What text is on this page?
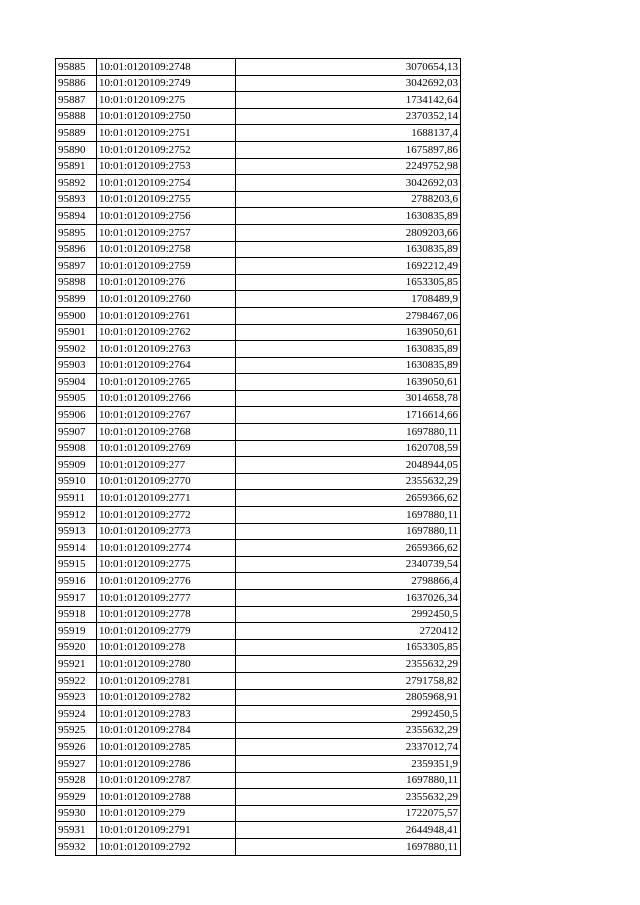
95885	10:01:0120109:2748	3070654,13
95886	10:01:0120109:2749	3042692,03
95887	10:01:0120109:275	1734142,64
95888	10:01:0120109:2750	2370352,14
95889	10:01:0120109:2751	1688137,4
95890	10:01:0120109:2752	1675897,86
95891	10:01:0120109:2753	2249752,98
95892	10:01:0120109:2754	3042692,03
95893	10:01:0120109:2755	2788203,6
95894	10:01:0120109:2756	1630835,89
95895	10:01:0120109:2757	2809203,66
95896	10:01:0120109:2758	1630835,89
95897	10:01:0120109:2759	1692212,49
95898	10:01:0120109:276	1653305,85
95899	10:01:0120109:2760	1708489,9
95900	10:01:0120109:2761	2798467,06
95901	10:01:0120109:2762	1639050,61
95902	10:01:0120109:2763	1630835,89
95903	10:01:0120109:2764	1630835,89
95904	10:01:0120109:2765	1639050,61
95905	10:01:0120109:2766	3014658,78
95906	10:01:0120109:2767	1716614,66
95907	10:01:0120109:2768	1697880,11
95908	10:01:0120109:2769	1620708,59
95909	10:01:0120109:277	2048944,05
95910	10:01:0120109:2770	2355632,29
95911	10:01:0120109:2771	2659366,62
95912	10:01:0120109:2772	1697880,11
95913	10:01:0120109:2773	1697880,11
95914	10:01:0120109:2774	2659366,62
95915	10:01:0120109:2775	2340739,54
95916	10:01:0120109:2776	2798866,4
95917	10:01:0120109:2777	1637026,34
95918	10:01:0120109:2778	2992450,5
95919	10:01:0120109:2779	2720412
95920	10:01:0120109:278	1653305,85
95921	10:01:0120109:2780	2355632,29
95922	10:01:0120109:2781	2791758,82
95923	10:01:0120109:2782	2805968,91
95924	10:01:0120109:2783	2992450,5
95925	10:01:0120109:2784	2355632,29
95926	10:01:0120109:2785	2337012,74
95927	10:01:0120109:2786	2359351,9
95928	10:01:0120109:2787	1697880,11
95929	10:01:0120109:2788	2355632,29
95930	10:01:0120109:279	1722075,57
95931	10:01:0120109:2791	2644948,41
95932	10:01:0120109:2792	1697880,11
